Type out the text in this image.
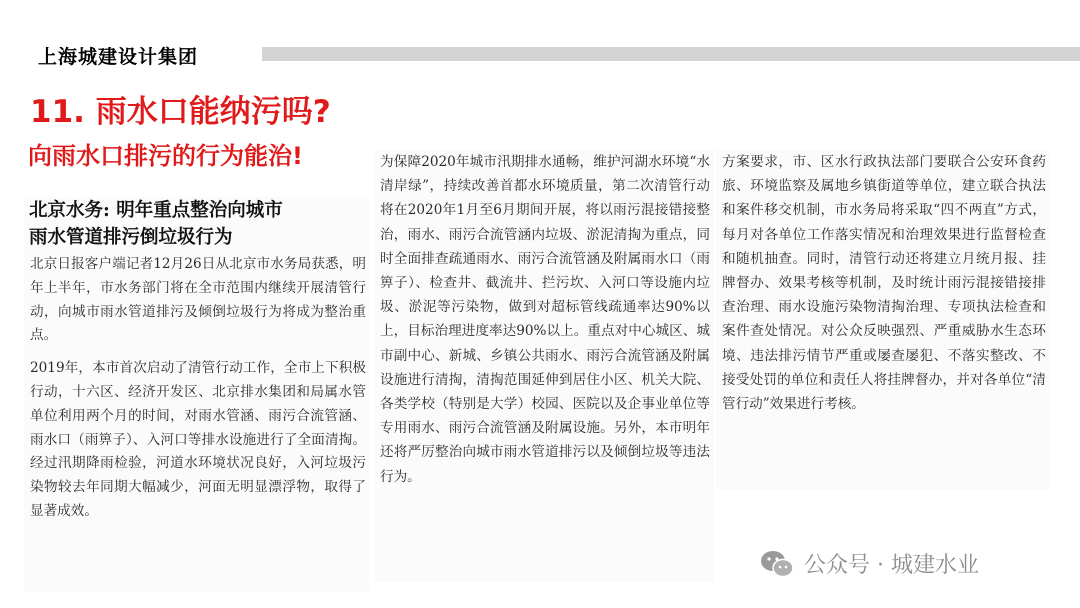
上海城建设计集团
11. 雨水口能纳污吗?
向雨水口排污的行为能治!
北京水务: 明年重点整治向城市
雨水管道排污倒垃圾行为

北京日报客户端记者12月26日从北京市水务局获悉，明年上半年，市水务部门将在全市范围内继续开展清管行动，向城市雨水管道排污及倾倒垃圾行为将成为整治重点。

2019年，本市首次启动了清管行动工作，全市上下积极行动，十六区、经济开发区、北京排水集团和局属水管单位利用两个月的时间，对雨水管涵、雨污合流管涵、雨水口（雨箅子）、入河口等排水设施进行了全面清掏。经过汛期降雨检验，河道水环境状况良好，入河垃圾污染物较去年同期大幅减少，河面无明显漂浮物，取得了显著成效。

为保障2020年城市汛期排水通畅，维护河湖水环境“水清岸绿”，持续改善首都水环境质量，第二次清管行动将在2020年1月至6月期间开展，将以雨污混接错接整治，雨水、雨污合流管涵内垃圾、淤泥清掏为重点，同时全面排查疏通雨水、雨污合流管涵及附属雨水口（雨箅子）、检查井、截流井、拦污坎、入河口等设施内垃圾、淤泥等污染物，做到对超标管线疏通率达90%以上，目标治理进度率达90%以上。重点对中心城区、城市副中心、新城、乡镇公共雨水、雨污合流管涵及附属设施进行清掏，清掏范围延伸到居住小区、机关大院、各类学校（特别是大学）校园、医院以及企事业单位等专用雨水、雨污合流管涵及附属设施。另外，本市明年还将严厉整治向城市雨水管道排污以及倾倒垃圾等违法行为。

方案要求，市、区水行政执法部门要联合公安环食药旅、环境监察及属地乡镇街道等单位，建立联合执法和案件移交机制，市水务局将采取“四不两直”方式，每月对各单位工作落实情况和治理效果进行监督检查和随机抽查。同时，清管行动还将建立月统月报、挂牌督办、效果考核等机制，及时统计雨污混接错接排查治理、雨水设施污染物清掏治理、专项执法检查和案件查处情况。对公众反映强烈、严重威胁水生态环境、违法排污情节严重或屡查屡犯、不落实整改、不接受处罚的单位和责任人将挂牌督办，并对各单位“清管行动”效果进行考核。

公众号 · 城建水业
